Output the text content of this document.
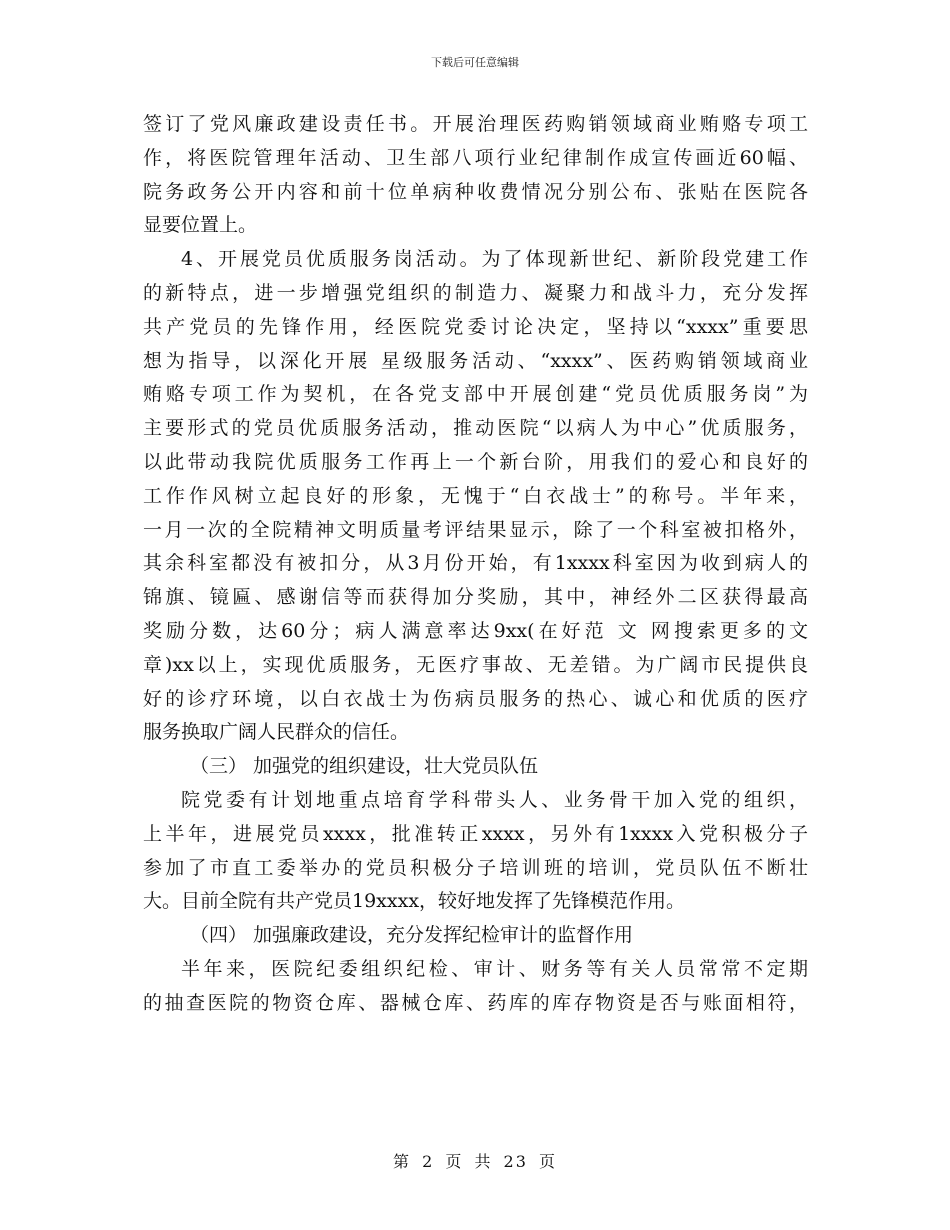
下载后可任意编辑
签订了党风廉政建设责任书。开展治理医药购销领域商业贿赂专项工
作，将医院管理年活动、卫生部八项行业纪律制作成宣传画近60幅、
院务政务公开内容和前十位单病种收费情况分别公布、张贴在医院各
显要位置上。
4、开展党员优质服务岗活动。为了体现新世纪、新阶段党建工作
的新特点，进一步增强党组织的制造力、凝聚力和战斗力，充分发挥
共产党员的先锋作用，经医院党委讨论决定，坚持以“xxxx”重要思
想为指导，以深化开展 星级服务活动、“xxxx”、医药购销领域商业
贿赂专项工作为契机，在各党支部中开展创建“党员优质服务岗”为
主要形式的党员优质服务活动，推动医院“以病人为中心”优质服务，
以此带动我院优质服务工作再上一个新台阶，用我们的爱心和良好的
工作作风树立起良好的形象，无愧于“白衣战士”的称号。半年来，
一月一次的全院精神文明质量考评结果显示，除了一个科室被扣格外，
其余科室都没有被扣分，从3月份开始，有1xxxx科室因为收到病人的
锦旗、镜匾、感谢信等而获得加分奖励，其中，神经外二区获得最高
奖励分数，达60分；病人满意率达9xx(在好范 文 网搜索更多的文
章)xx以上，实现优质服务，无医疗事故、无差错。为广阔市民提供良
好的诊疗环境，以白衣战士为伤病员服务的热心、诚心和优质的医疗
服务换取广阔人民群众的信任。
（三） 加强党的组织建设，壮大党员队伍
院党委有计划地重点培育学科带头人、业务骨干加入党的组织，
上半年，进展党员xxxx，批准转正xxxx，另外有1xxxx入党积极分子
参加了市直工委举办的党员积极分子培训班的培训，党员队伍不断壮
大。目前全院有共产党员19xxxx，较好地发挥了先锋模范作用。
（四） 加强廉政建设，充分发挥纪检审计的监督作用
半年来，医院纪委组织纪检、审计、财务等有关人员常常不定期
的抽查医院的物资仓库、器械仓库、药库的库存物资是否与账面相符，
第 2 页 共 23 页
